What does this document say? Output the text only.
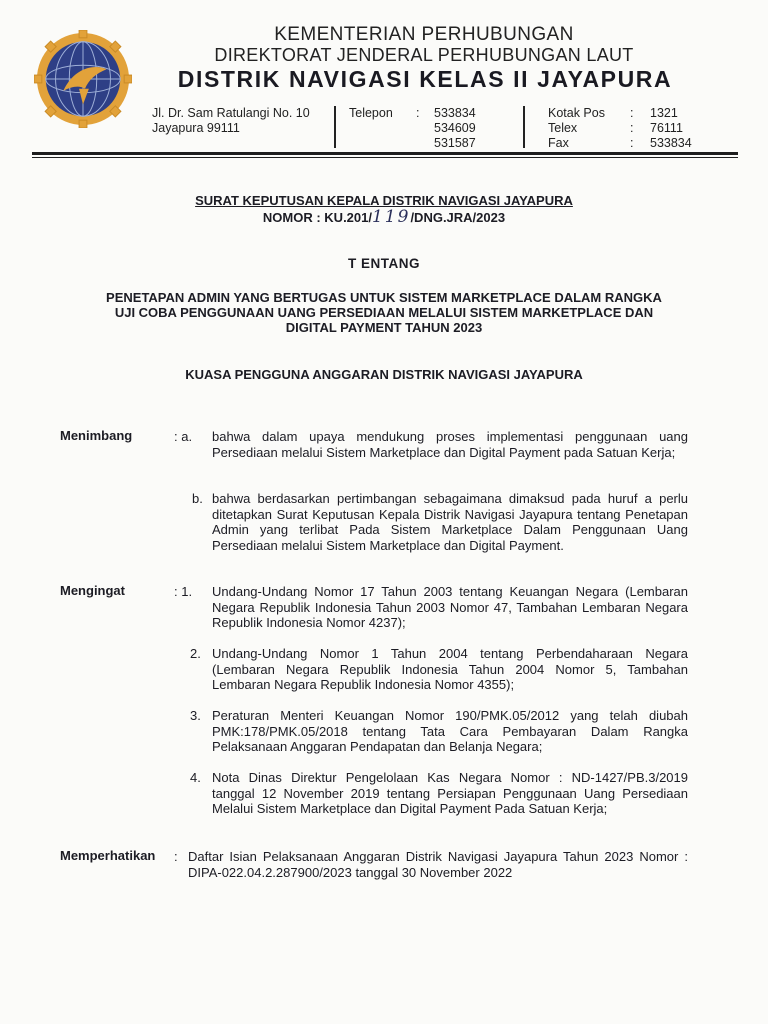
KEMENTERIAN PERHUBUNGAN
DIREKTORAT JENDERAL PERHUBUNGAN LAUT
DISTRIK NAVIGASI KELAS II JAYAPURA
Jl. Dr. Sam Ratulangi No. 10
Jayapura 99111
Telepon : 533834
534609
531587
Kotak Pos
Telex
Fax
:
:
:
1321
76111
533834
SURAT KEPUTUSAN KEPALA DISTRIK NAVIGASI JAYAPURA
NOMOR : KU.201/119/DNG.JRA/2023
T ENTANG
PENETAPAN ADMIN YANG BERTUGAS UNTUK SISTEM MARKETPLACE DALAM RANGKA
UJI COBA PENGGUNAAN UANG PERSEDIAAN MELALUI SISTEM MARKETPLACE DAN
DIGITAL PAYMENT TAHUN 2023
KUASA PENGGUNA ANGGARAN DISTRIK NAVIGASI JAYAPURA
Menimbang	: a. bahwa dalam upaya mendukung proses implementasi penggunaan uang Persediaan melalui Sistem Marketplace dan Digital Payment pada Satuan Kerja;
b. bahwa berdasarkan pertimbangan sebagaimana dimaksud pada huruf a perlu ditetapkan Surat Keputusan Kepala Distrik Navigasi Jayapura tentang Penetapan Admin yang terlibat Pada Sistem Marketplace Dalam Penggunaan Uang Persediaan melalui Sistem Marketplace dan Digital Payment.
Mengingat	: 1. Undang-Undang Nomor 17 Tahun 2003 tentang Keuangan Negara (Lembaran Negara Republik Indonesia Tahun 2003 Nomor 47, Tambahan Lembaran Negara Republik Indonesia Nomor 4237);
2. Undang-Undang Nomor 1 Tahun 2004 tentang Perbendaharaan Negara (Lembaran Negara Republik Indonesia Tahun 2004 Nomor 5, Tambahan Lembaran Negara Republik Indonesia Nomor 4355);
3. Peraturan Menteri Keuangan Nomor 190/PMK.05/2012 yang telah diubah PMK:178/PMK.05/2018 tentang Tata Cara Pembayaran Dalam Rangka Pelaksanaan Anggaran Pendapatan dan Belanja Negara;
4. Nota Dinas Direktur Pengelolaan Kas Negara Nomor : ND-1427/PB.3/2019 tanggal 12 November 2019 tentang Persiapan Penggunaan Uang Persediaan Melalui Sistem Marketplace dan Digital Payment Pada Satuan Kerja;
Memperhatikan : Daftar Isian Pelaksanaan Anggaran Distrik Navigasi Jayapura Tahun 2023 Nomor : DIPA-022.04.2.287900/2023 tanggal 30 November 2022
